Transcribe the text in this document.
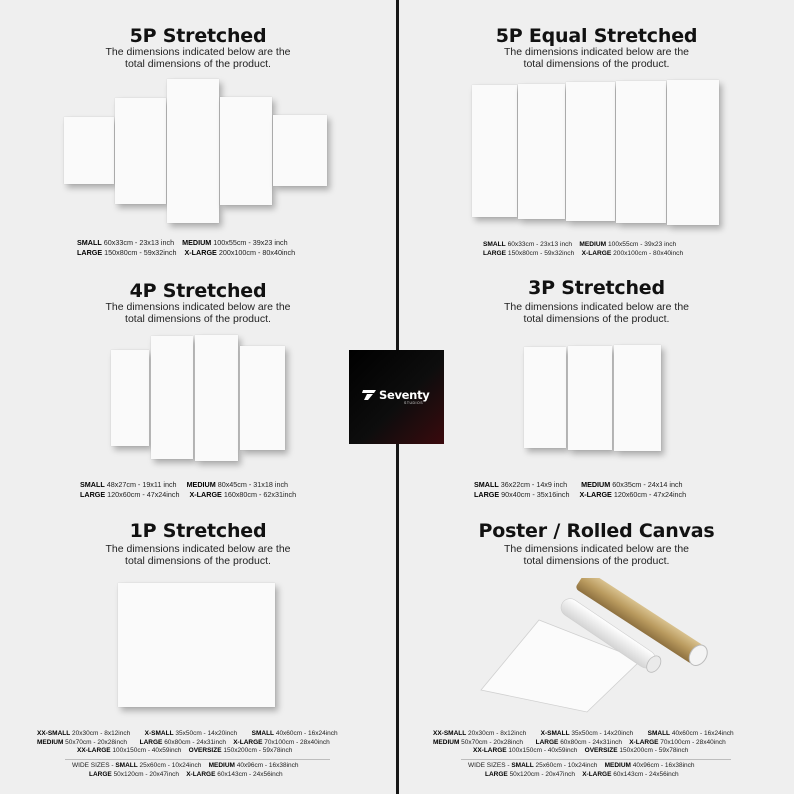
5P Stretched
The dimensions indicated below are the
total dimensions of the product.
SMALL 60x33cm - 23x13 inch MEDIUM 100x55cm - 39x23 inch
LARGE 150x80cm - 59x32inch X-LARGE 200x100cm - 80x40inch
5P Equal Stretched
The dimensions indicated below are the
total dimensions of the product.
SMALL 60x33cm - 23x13 inch MEDIUM 100x55cm - 39x23 inch
LARGE 150x80cm - 59x32inch X-LARGE 200x100cm - 80x40inch
4P Stretched
The dimensions indicated below are the
total dimensions of the product.
SMALL 48x27cm - 19x11 inch MEDIUM 80x45cm - 31x18 inch
LARGE 120x60cm - 47x24inch X-LARGE 160x80cm - 62x31inch
3P Stretched
The dimensions indicated below are the
total dimensions of the product.
SMALL 36x22cm - 14x9 inch MEDIUM 60x35cm - 24x14 inch
LARGE 90x40cm - 35x16inch X-LARGE 120x60cm - 47x24inch
Seventy
STUDIOS
1P Stretched
The dimensions indicated below are the
total dimensions of the product.
XX-SMALL 20x30cm - 8x12inch X-SMALL 35x50cm - 14x20inch SMALL 40x60cm - 16x24inch
MEDIUM 50x70cm - 20x28inch LARGE 60x80cm - 24x31inch X-LARGE 70x100cm - 28x40inch
XX-LARGE 100x150cm - 40x59inch OVERSIZE 150x200cm - 59x78inch
WIDE SIZES - SMALL 25x60cm - 10x24inch MEDIUM 40x96cm - 16x38inch
LARGE 50x120cm - 20x47inch X-LARGE 60x143cm - 24x56inch
Poster / Rolled Canvas
The dimensions indicated below are the
total dimensions of the product.
XX-SMALL 20x30cm - 8x12inch X-SMALL 35x50cm - 14x20inch SMALL 40x60cm - 16x24inch
MEDIUM 50x70cm - 20x28inch LARGE 60x80cm - 24x31inch X-LARGE 70x100cm - 28x40inch
XX-LARGE 100x150cm - 40x59inch OVERSIZE 150x200cm - 59x78inch
WIDE SIZES - SMALL 25x60cm - 10x24inch MEDIUM 40x96cm - 16x38inch
LARGE 50x120cm - 20x47inch X-LARGE 60x143cm - 24x56inch
